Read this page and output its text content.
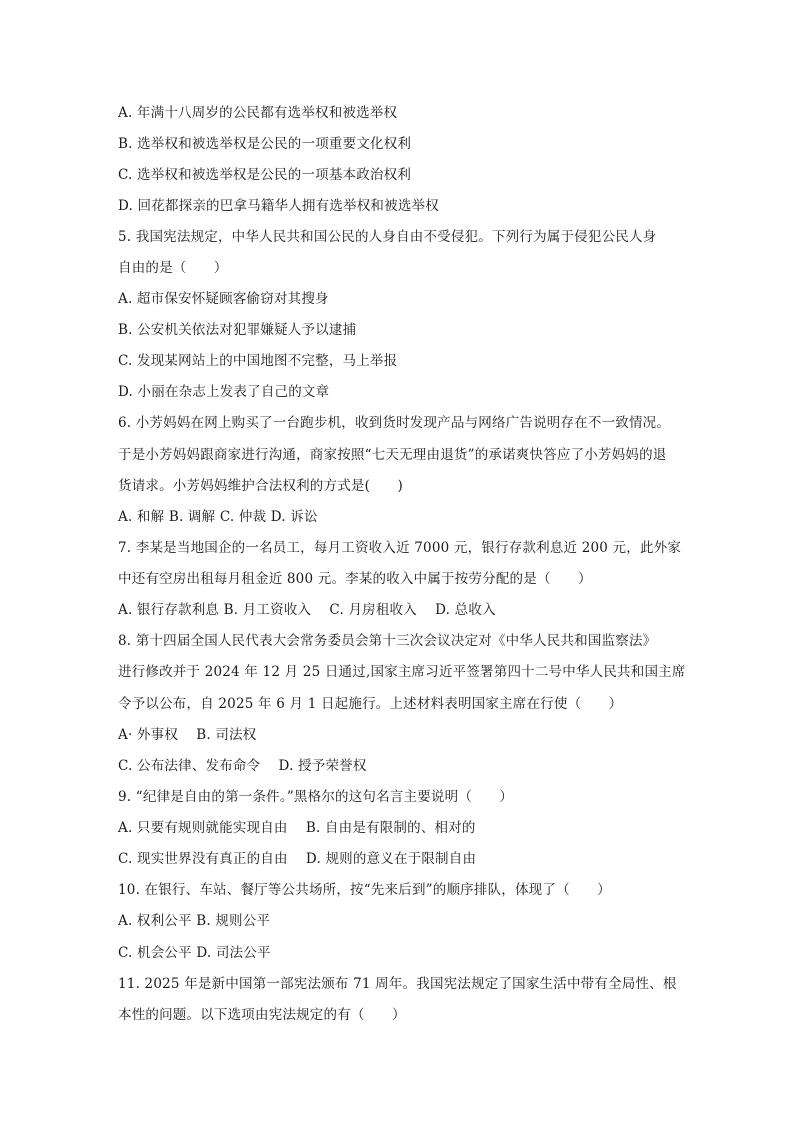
A. 年满十八周岁的公民都有选举权和被选举权
B. 选举权和被选举权是公民的一项重要文化权利
C. 选举权和被选举权是公民的一项基本政治权利
D. 回花都探亲的巴拿马籍华人拥有选举权和被选举权
5. 我国宪法规定，中华人民共和国公民的人身自由不受侵犯。下列行为属于侵犯公民人身
自由的是（　　）
A. 超市保安怀疑顾客偷窃对其搜身
B. 公安机关依法对犯罪嫌疑人予以逮捕
C. 发现某网站上的中国地图不完整，马上举报
D. 小丽在杂志上发表了自己的文章
6. 小芳妈妈在网上购买了一台跑步机，收到货时发现产品与网络广告说明存在不一致情况。
于是小芳妈妈跟商家进行沟通，商家按照“七天无理由退货”的承诺爽快答应了小芳妈妈的退
货请求。小芳妈妈维护合法权利的方式是(　　)
A. 和解 B. 调解 C. 仲裁 D. 诉讼
7. 李某是当地国企的一名员工，每月工资收入近 7000 元，银行存款利息近 200 元，此外家
中还有空房出租每月租金近 800 元。李某的收入中属于按劳分配的是（　　）
A. 银行存款利息 B. 月工资收入　 C. 月房租收入　 D. 总收入
8. 第十四届全国人民代表大会常务委员会第十三次会议决定对《中华人民共和国监察法》
进行修改并于 2024 年 12 月 25 日通过,国家主席习近平签署第四十二号中华人民共和国主席
令予以公布，自 2025 年 6 月 1 日起施行。上述材料表明国家主席在行使（　　）
A· 外事权　 B. 司法权
C. 公布法律、发布命令　 D. 授予荣誉权
9. “纪律是自由的第一条件。”黑格尔的这句名言主要说明（　　）
A. 只要有规则就能实现自由　 B. 自由是有限制的、相对的
C. 现实世界没有真正的自由　 D. 规则的意义在于限制自由
10. 在银行、车站、餐厅等公共场所，按“先来后到”的顺序排队，体现了（　　）
A. 权利公平 B. 规则公平
C. 机会公平 D. 司法公平
11. 2025 年是新中国第一部宪法颁布 71 周年。我国宪法规定了国家生活中带有全局性、根
本性的问题。以下选项由宪法规定的有（　　）
